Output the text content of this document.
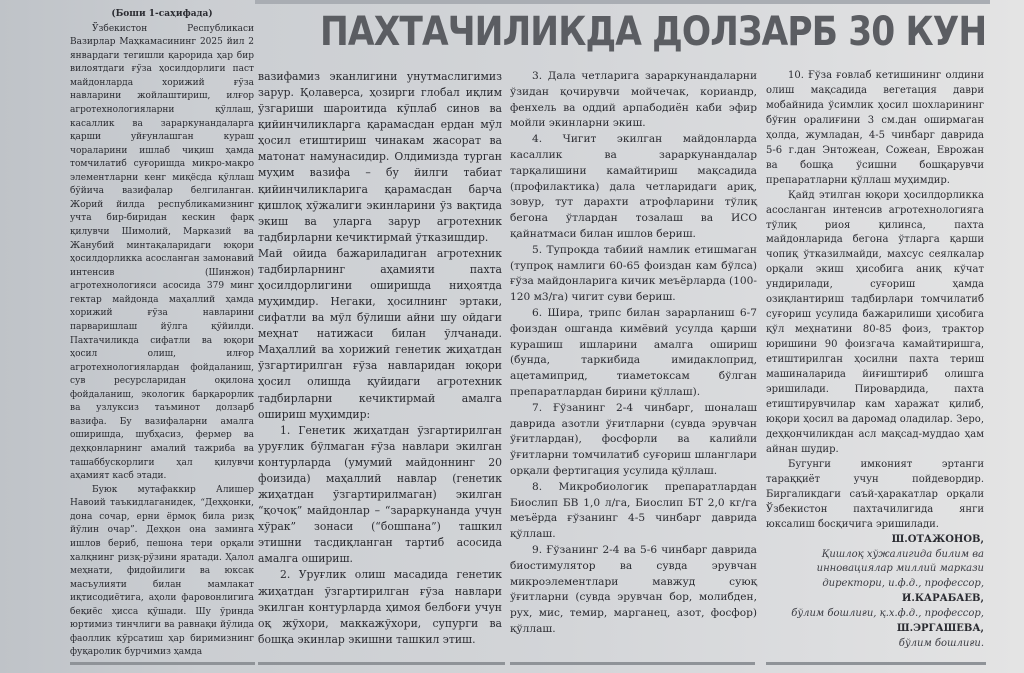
ПАХТАЧИЛИКДА ДОЛЗАРБ 30 КУН

(Боши 1-саҳифада)

Ўзбекистон Республикаси Вазирлар Маҳкамасининг 2025 йил 2 январдаги тегишли қарорида ҳар бир вилоятдаги ғўза ҳосилдорлиги паст майдонларда хорижий ғўза навларини жойлаштириш, илғор агротехнологияларни қўллаш, касаллик ва зараркунандаларга қарши уйғунлашган кураш чораларини ишлаб чиқиш ҳамда томчилатиб суғоришда микро-макро элементларни кенг миқёсда қўллаш бўйича вазифалар белгиланган. Жорий йилда республикамизнинг учта бир-биридан кескин фарқ қилувчи Шимолий, Марказий ва Жанубий минтақаларидаги юқори ҳосилдорликка асосланган замонавий интенсив (Шинжон) агротехнологияси асосида 379 минг гектар майдонда маҳаллий ҳамда хорижий ғўза навларини парваришлаш йўлга қўйилди. Пахтачиликда сифатли ва юқори ҳосил олиш, илғор агротехнологиялардан фойдаланиш, сув ресурсларидан оқилона фойдаланиш, экологик барқарорлик ва узлуксиз таъминот долзарб вазифа. Бу вазифаларни амалга оширишда, шубҳасиз, фермер ва деҳқонларнинг амалий тажриба ва ташаббускорлиги ҳал қилувчи аҳамият касб этади.

Буюк мутафаккир Алишер Навоий таъкидлаганидек, “Деҳқонки, дона сочар, ерни ёрмоқ била ризқ йўлин очар”. Деҳқон она заминга ишлов бериб, пешона тери орқали халқнинг ризқ-рўзини яратади. Ҳалол меҳнати, фидойилиги ва юксак масъулияти билан мамлакат иқтисодиётига, аҳоли фаровонлигига беқиёс ҳисса қўшади. Шу ўринда юртимиз тинчлиги ва равнақи йўлида фаоллик кўрсатиш ҳар биримизнинг фуқаролик бурчимиз ҳамда

вазифамиз эканлигини унутмаслигимиз зарур. Қолаверса, ҳозирги глобал иқлим ўзгариши шароитида кўплаб синов ва қийинчиликларга қарамасдан ердан мўл ҳосил етиштириш чинакам жасорат ва матонат намунасидир. Олдимизда турган муҳим вазифа – бу йилги табиат қийинчиликларига қарамасдан барча қишлоқ хўжалиги экинларини ўз вақтида экиш ва уларга зарур агротехник тадбирларни кечиктирмай ўтказишдир.

Май ойида бажариладиган агротехник тадбирларнинг аҳамияти пахта ҳосилдорлигини оширишда ниҳоятда муҳимдир. Негаки, ҳосилнинг эртаки, сифатли ва мўл бўлиши айни шу ойдаги меҳнат натижаси билан ўлчанади. Маҳаллий ва хорижий генетик жиҳатдан ўзгартирилган ғўза навларидан юқори ҳосил олишда қуйидаги агротехник тадбирларни кечиктирмай амалга ошириш муҳимдир:

1. Генетик жиҳатдан ўзгартирилган уруғлик бўлмаган ғўза навлари экилган контурларда (умумий майдоннинг 20 фоизида) маҳаллий навлар (генетик жиҳатдан ўзгартирилмаган) экилган “қочоқ” майдонлар – “зараркунанда учун хўрак” зонаси (“бошпана”) ташкил этишни тасдиқланган тартиб асосида амалга ошириш.

2. Уруғлик олиш масадида генетик жиҳатдан ўзгартирилган ғўза навлари экилган контурларда ҳимоя белбоғи учун оқ жўхори, маккажўхори, супурги ва бошқа экинлар экишни ташкил этиш.

3. Дала четларига зараркунандаларни ўзидан қочирувчи мойчечак, кориандр, фенхель ва оддий арпабодиён каби эфир мойли экинларни экиш.

4. Чигит экилган майдонларда касаллик ва зараркунандалар тарқалишини камайтириш мақсадида (профилактика) дала четларидаги ариқ, зовур, тут дарахти атрофларини тўлиқ бегона ўтлардан тозалаш ва ИСО қайнатмаси билан ишлов бериш.

5. Тупроқда табиий намлик етишмаган (тупроқ намлиги 60-65 фоиздан кам бўлса) ғўза майдонларига кичик меъёрларда (100- 120 м3/га) чигит суви бериш.

6. Шира, трипс билан зарарланиш 6-7 фоиздан ошганда кимёвий усулда қарши курашиш ишларини амалга ошириш (бунда, таркибида имидаклоприд, ацетамиприд, тиаметоксам бўлган препаратлардан бирини қўллаш).

7. Ғўзанинг 2-4 чинбарг, шоналаш даврида азотли ўғитларни (сувда эрувчан ўғитлардан), фосфорли ва калийли ўғитларни томчилатиб суғориш шланглари орқали фертигация усулида қўллаш.

8. Микробиологик препаратлардан Биослип БВ 1,0 л/га, Биослип БТ 2,0 кг/га меъёрда ғўзанинг 4-5 чинбарг даврида қўллаш.

9. Ғўзанинг 2-4 ва 5-6 чинбарг даврида биостимулятор ва сувда эрувчан микроэлементлари мавжуд суюқ ўғитларни (сувда эрувчан бор, молибден, рух, мис, темир, марганец, азот, фосфор) қўллаш.

10. Ғўза ғовлаб кетишининг олдини олиш мақсадида вегетация даври мобайнида ўсимлик ҳосил шохларининг бўғин оралиғини 3 см.дан оширмаган ҳолда, жумладан, 4-5 чинбарг даврида 5-6 г.дан Энтожеан, Сожеан, Еврожан ва бошқа ўсишни бошқарувчи препаратларни қўллаш муҳимдир.

Қайд этилган юқори ҳосилдорликка асосланган интенсив агротехнологияга тўлиқ риоя қилинса, пахта майдонларида бегона ўтларга қарши чопиқ ўтказилмайди, махсус сеялкалар орқали экиш ҳисобига аниқ кўчат ундирилади, суғориш ҳамда озиқлантириш тадбирлари томчилатиб суғориш усулида бажарилиши ҳисобига қўл меҳнатини 80-85 фоиз, трактор юришини 90 фоизгача камайтиришга, етиштирилган ҳосилни пахта териш машиналарида йиғиштириб олишга эришилади. Пировардида, пахта етиштирувчилар кам харажат қилиб, юқори ҳосил ва даромад оладилар. Зеро, деҳқончиликдан асл мақсад-муддао ҳам айнан шудир.

Бугунги имконият эртанги тараққиёт учун пойдевордир. Биргаликдаги саъй-ҳаракатлар орқали Ўзбекистон пахтачилигида янги юксалиш босқичига эришилади.

Ш.ОТАЖОНОВ,

Қишлоқ хўжалигида билим ва инновациялар миллий маркази директори, и.ф.д., профессор,

И.КАРАБАЕВ,

бўлим бошлиғи, қ.х.ф.д., профессор,

Ш.ЭРГАШЕВА,

бўлим бошлиғи.
